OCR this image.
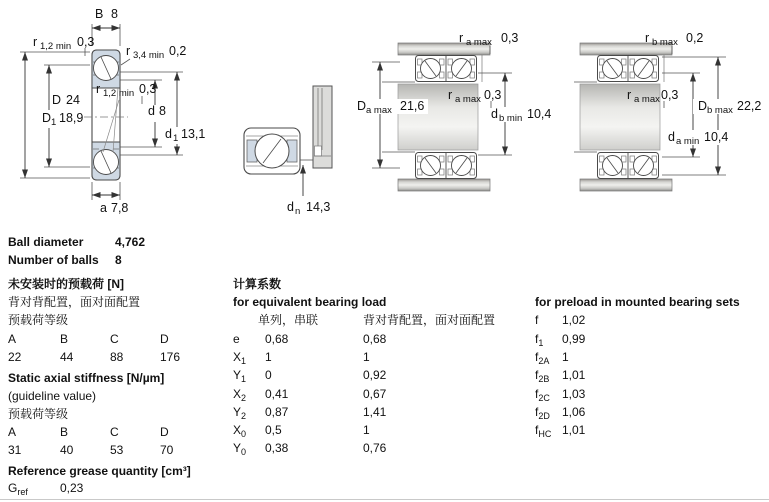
B 8
r 1,2 min 0,3
r 3,4 min 0,2
D 24
D 1 18,9
r 1,2 min 0,3
d 8
d 1 13,1
a 7,8	d n 14,3
D a max 21,6
d b min 10,4
r a max 0,3
r a max 0,3
D b max 22,2
d a min 10,4
r b max 0,2
r a max 0,3
Ball diameter	4,762
Number of balls 8
未安装时的预载荷 [N]
背对背配置，面对面配置
预载荷等级
A	B	C	D
22	44	88	176
Static axial stiffness [N/µm]
(guideline value)
预载荷等级
A	B	C	D
31	40	53	70
Reference grease quantity [cm³]
$G_{ref}$	0,23
计算系数
for equivalent bearing load
单列，串联	背对背配置，面对面配置
e 0,68	0,68
$X_1$ 1	1
$Y_1$ 0	0,92
$X_2$ 0,41	0,67
$Y_2$ 0,87	1,41
$X_0$ 0,5	1
$Y_0$ 0,38	0,76
for preload in mounted bearing sets
f 1,02
$f_1$ 0,99
$f_{2A}$ 1
$f_{2B}$ 1,01
$f_{2C}$ 1,03
$f_{2D}$ 1,06
$f_{HC}$ 1,01
